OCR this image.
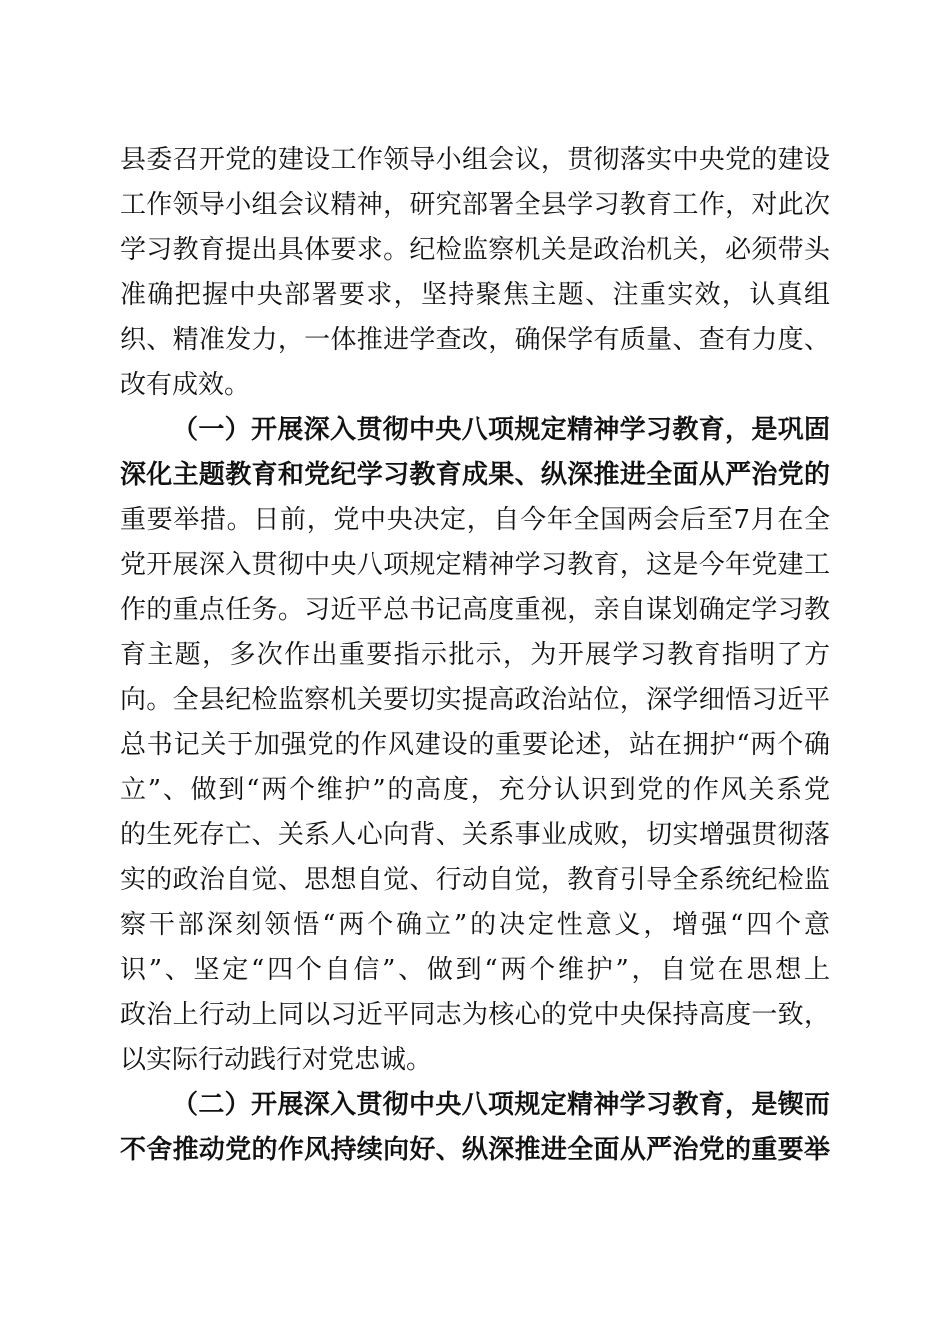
县委召开党的建设工作领导小组会议，贯彻落实中央党的建设
工作领导小组会议精神，研究部署全县学习教育工作，对此次
学习教育提出具体要求。纪检监察机关是政治机关，必须带头
准确把握中央部署要求，坚持聚焦主题、注重实效，认真组
织、精准发力，一体推进学查改，确保学有质量、查有力度、
改有成效。
（一）开展深入贯彻中央八项规定精神学习教育，是巩固
深化主题教育和党纪学习教育成果、纵深推进全面从严治党的
重要举措。日前，党中央决定，自今年全国两会后至7月在全
党开展深入贯彻中央八项规定精神学习教育，这是今年党建工
作的重点任务。习近平总书记高度重视，亲自谋划确定学习教
育主题，多次作出重要指示批示，为开展学习教育指明了方
向。全县纪检监察机关要切实提高政治站位，深学细悟习近平
总书记关于加强党的作风建设的重要论述，站在拥护“两个确
立”、做到“两个维护”的高度，充分认识到党的作风关系党
的生死存亡、关系人心向背、关系事业成败，切实增强贯彻落
实的政治自觉、思想自觉、行动自觉，教育引导全系统纪检监
察干部深刻领悟“两个确立”的决定性意义，增强“四个意
识”、坚定“四个自信”、做到“两个维护”，自觉在思想上
政治上行动上同以习近平同志为核心的党中央保持高度一致，
以实际行动践行对党忠诚。
（二）开展深入贯彻中央八项规定精神学习教育，是锲而
不舍推动党的作风持续向好、纵深推进全面从严治党的重要举
